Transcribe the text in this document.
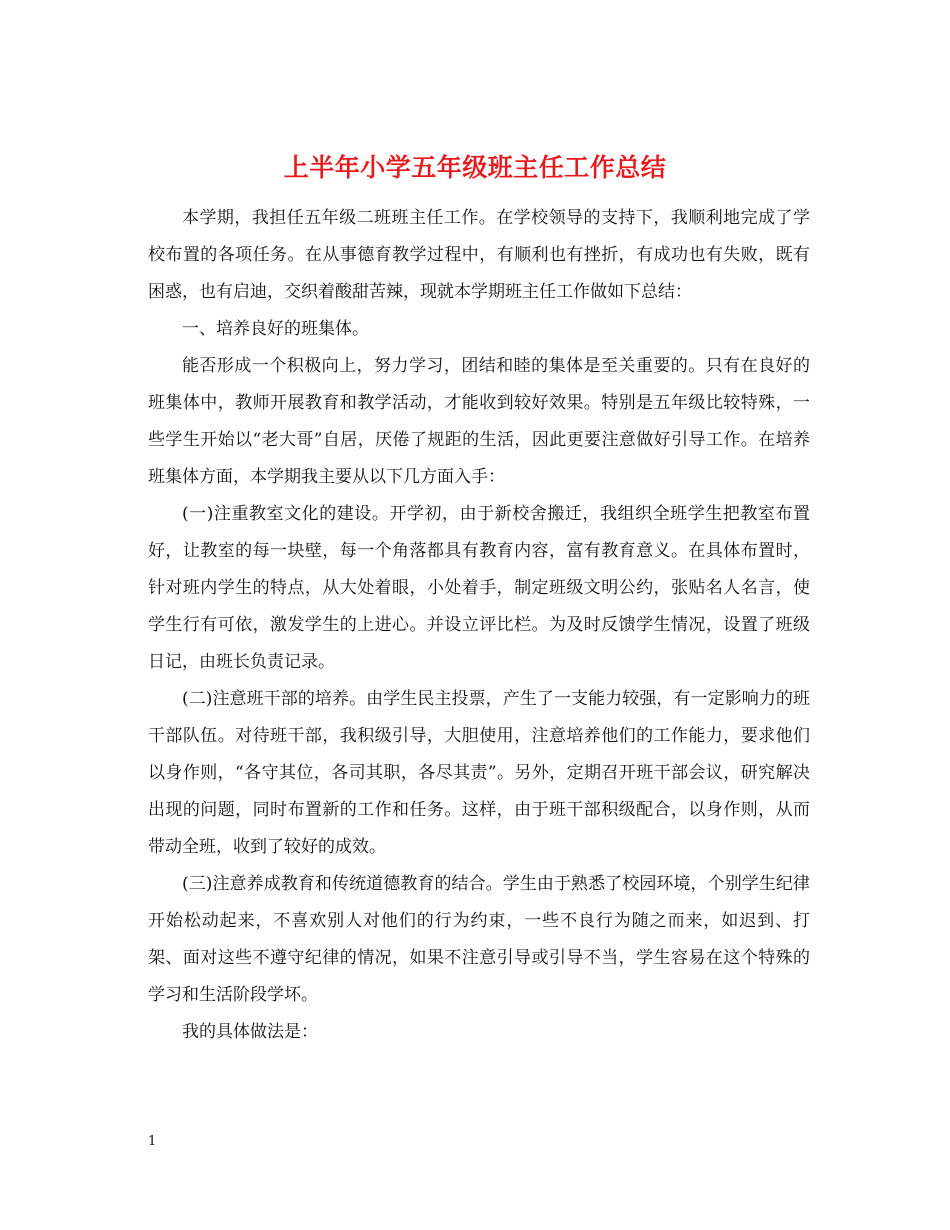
上半年小学五年级班主任工作总结

本学期，我担任五年级二班班主任工作。在学校领导的支持下，我顺利地完成了学校布置的各项任务。在从事德育教学过程中，有顺利也有挫折，有成功也有失败，既有困惑，也有启迪，交织着酸甜苦辣，现就本学期班主任工作做如下总结：

一、培养良好的班集体。

能否形成一个积极向上，努力学习，团结和睦的集体是至关重要的。只有在良好的班集体中，教师开展教育和教学活动，才能收到较好效果。特别是五年级比较特殊，一些学生开始以“老大哥”自居，厌倦了规距的生活，因此更要注意做好引导工作。在培养班集体方面，本学期我主要从以下几方面入手：

(一)注重教室文化的建设。开学初，由于新校舍搬迁，我组织全班学生把教室布置好，让教室的每一块壁，每一个角落都具有教育内容，富有教育意义。在具体布置时，针对班内学生的特点，从大处着眼，小处着手，制定班级文明公约，张贴名人名言，使学生行有可依，激发学生的上进心。并设立评比栏。为及时反馈学生情况，设置了班级日记，由班长负责记录。

(二)注意班干部的培养。由学生民主投票，产生了一支能力较强，有一定影响力的班干部队伍。对待班干部，我积级引导，大胆使用，注意培养他们的工作能力，要求他们以身作则，“各守其位，各司其职，各尽其责”。另外，定期召开班干部会议，研究解决出现的问题，同时布置新的工作和任务。这样，由于班干部积级配合，以身作则，从而带动全班，收到了较好的成效。

(三)注意养成教育和传统道德教育的结合。学生由于熟悉了校园环境，个别学生纪律开始松动起来，不喜欢别人对他们的行为约束，一些不良行为随之而来，如迟到、打架、面对这些不遵守纪律的情况，如果不注意引导或引导不当，学生容易在这个特殊的学习和生活阶段学坏。

我的具体做法是：

1
